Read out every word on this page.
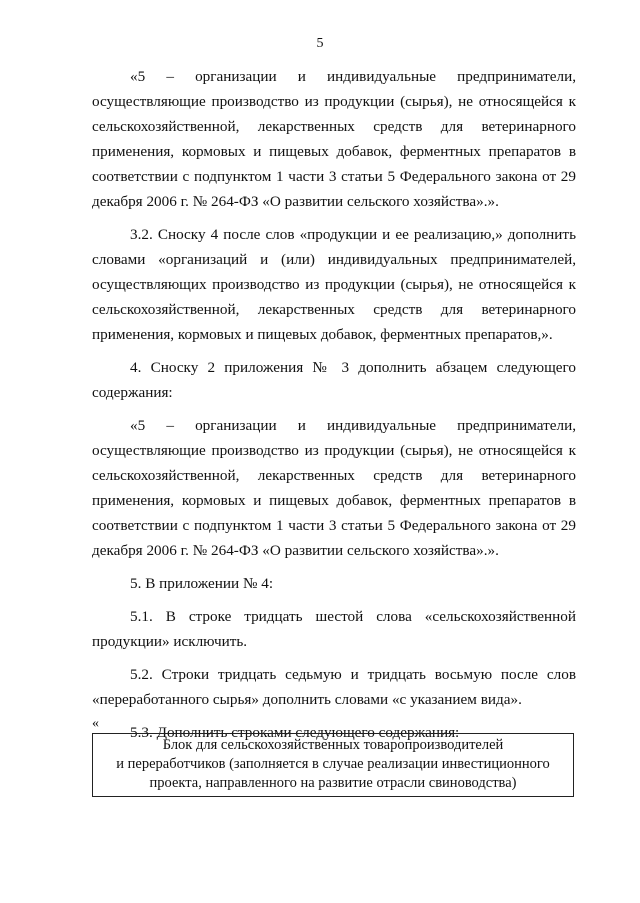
5

«5 – организации и индивидуальные предприниматели, осуществляющие производство из продукции (сырья), не относящейся к сельскохозяйственной, лекарственных средств для ветеринарного применения, кормовых и пищевых добавок, ферментных препаратов в соответствии с подпунктом 1 части 3 статьи 5 Федерального закона от 29 декабря 2006 г. № 264-ФЗ «О развитии сельского хозяйства».».

3.2. Сноску 4 после слов «продукции и ее реализацию,» дополнить словами «организаций и (или) индивидуальных предпринимателей, осуществляющих производство из продукции (сырья), не относящейся к сельскохозяйственной, лекарственных средств для ветеринарного применения, кормовых и пищевых добавок, ферментных препаратов,».

4. Сноску 2 приложения № 3 дополнить абзацем следующего содержания:

«5 – организации и индивидуальные предприниматели, осуществляющие производство из продукции (сырья), не относящейся к сельскохозяйственной, лекарственных средств для ветеринарного применения, кормовых и пищевых добавок, ферментных препаратов в соответствии с подпунктом 1 части 3 статьи 5 Федерального закона от 29 декабря 2006 г. № 264-ФЗ «О развитии сельского хозяйства».».

5. В приложении № 4:

5.1. В строке тридцать шестой слова «сельскохозяйственной продукции» исключить.

5.2. Строки тридцать седьмую и тридцать восьмую после слов «переработанного сырья» дополнить словами «с указанием вида».

5.3. Дополнить строками следующего содержания:

«
Блок для сельскохозяйственных товаропроизводителей
и переработчиков (заполняется в случае реализации инвестиционного
проекта, направленного на развитие отрасли свиноводства)
